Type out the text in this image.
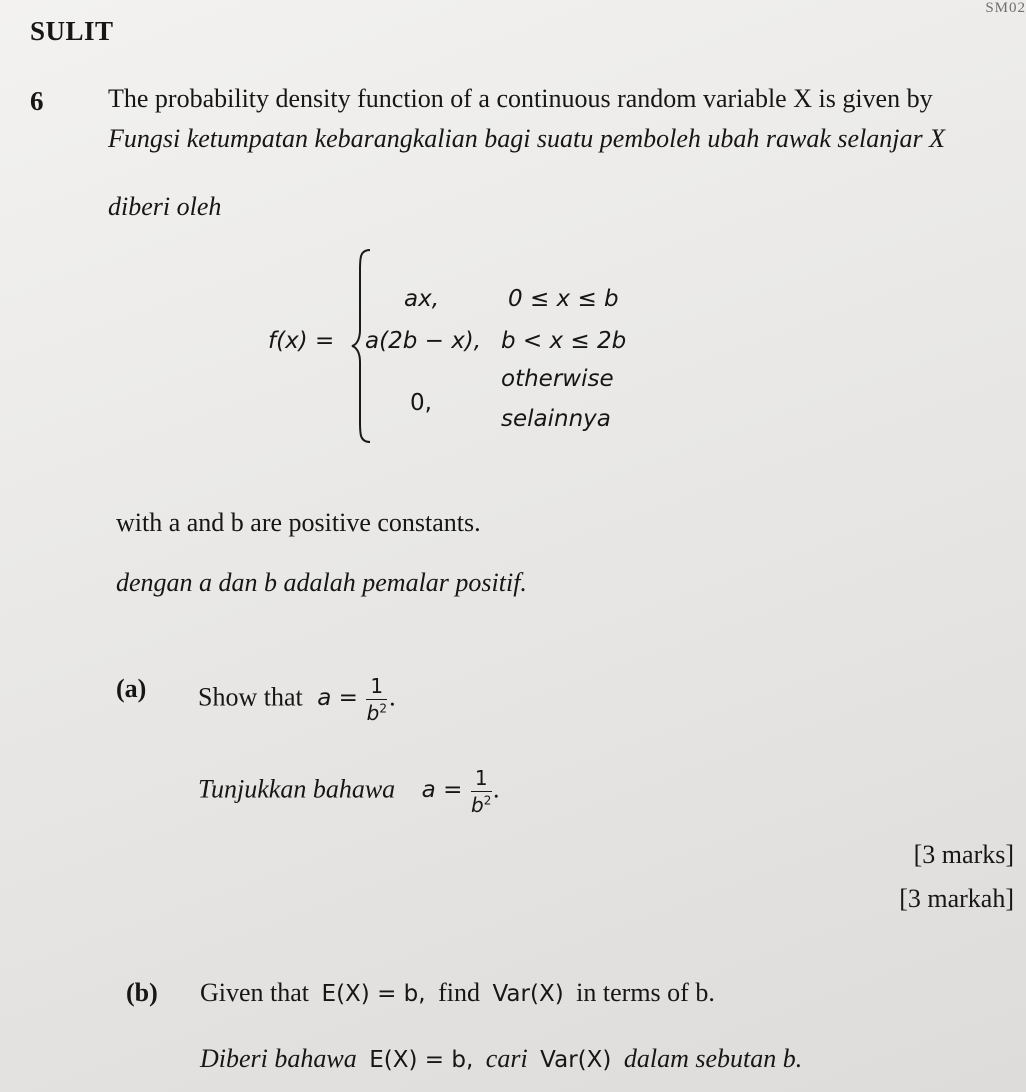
SM02
SULIT
6 The probability density function of a continuous random variable X is given by
Fungsi ketumpatan kebarangkalian bagi suatu pemboleh ubah rawak selanjar X
diberi oleh
f(x) =
ax,	0 ≤ x ≤ b
a(2b − x), b < x ≤ 2b
0,
otherwise
selainnya
with a and b are positive constants.
dengan a dan b adalah pemalar positif.
(a) Show that $a = \frac{1}{b^2}$ .
Tunjukkan bahawa $a = \frac{1}{b^2}$ .
[3 marks]
[3 markah]
(b) Given that E(X) = b, find Var(X) in terms of b.
Diberi bahawa E(X) = b, cari Var(X) dalam sebutan b.
